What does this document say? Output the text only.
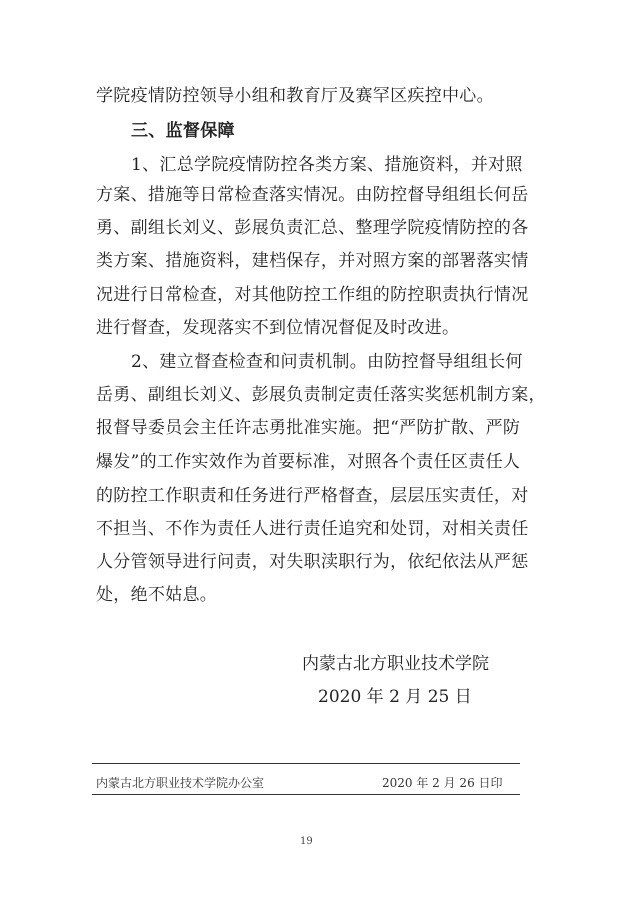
学院疫情防控领导小组和教育厅及赛罕区疾控中心。
三、监督保障
1、汇总学院疫情防控各类方案、措施资料，并对照
方案、措施等日常检查落实情况。由防控督导组组长何岳
勇、副组长刘义、彭展负责汇总、整理学院疫情防控的各
类方案、措施资料，建档保存，并对照方案的部署落实情
况进行日常检查，对其他防控工作组的防控职责执行情况
进行督查，发现落实不到位情况督促及时改进。
2、建立督查检查和问责机制。由防控督导组组长何
岳勇、副组长刘义、彭展负责制定责任落实奖惩机制方案，
报督导委员会主任许志勇批准实施。把“严防扩散、严防
爆发”的工作实效作为首要标准，对照各个责任区责任人
的防控工作职责和任务进行严格督查，层层压实责任，对
不担当、不作为责任人进行责任追究和处罚，对相关责任
人分管领导进行问责，对失职渎职行为，依纪依法从严惩
处，绝不姑息。
内蒙古北方职业技术学院
2020 年 2 月 25 日
内蒙古北方职业技术学院办公室	2020 年 2 月 26 日印
19
